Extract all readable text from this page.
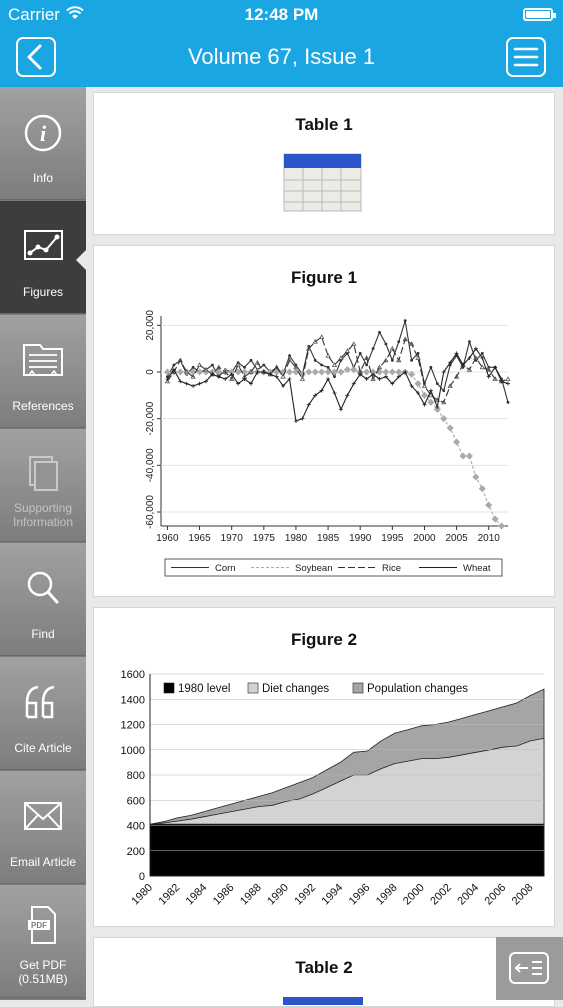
Carrier	12:48 PM
Volume 67, Issue 1
i
Info
Figures
References
Supporting
Information
Find
Cite Article
Email Article
PDF
Get PDF
(0.51MB)
Table 1
Figure 1
20,000
0
-20,000
-40,000
-60,000
1960 1965 1970 1975 1980 1985 1990 1995 2000 2005 2010
Corn	Soybean	Rice	Wheat
Figure 2
0
200
400
600
800
1000
1200
1400
1600
1980 1982 1984 1986 1988 1990 1992 1994 1996 1998 2000 2002 2004 2006 2008
1980 level	Diet changes	Population changes
Table 2
